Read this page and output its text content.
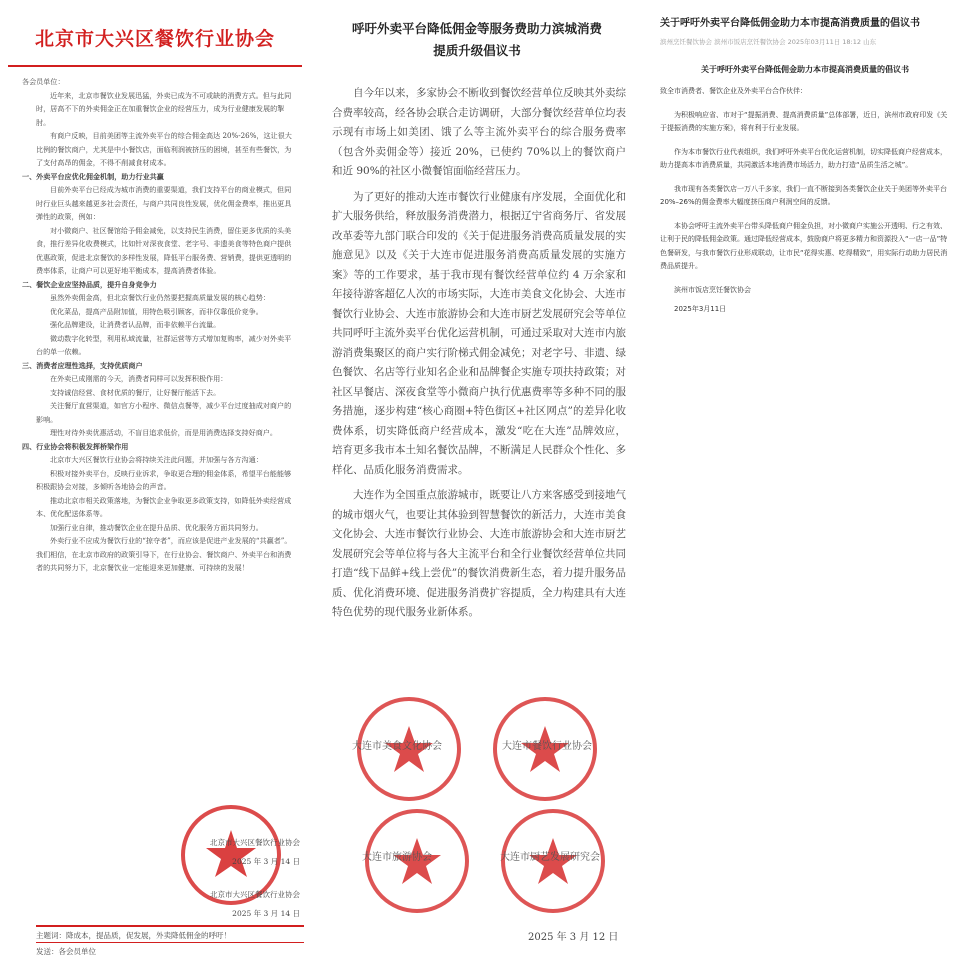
北京市大兴区餐饮行业协会

各会员单位：

近年来，北京市餐饮业发展迅猛，外卖已成为不可或缺的消费方式。但与此同时，居高不下的外卖佣金正在加重餐饮企业的经营压力，成为行业健康发展的掣肘。

有商户反映，目前美团等主流外卖平台的综合佣金高达 20%-26%，这让很大比例的餐饮商户，尤其是中小餐饮店，面临利润被挤压的困境，甚至有些餐饮，为了支付高昂的佣金，不得不削减食材成本。

一、外卖平台应优化佣金机制，助力行业共赢

目前外卖平台已经成为城市消费的重要渠道，我们支持平台的商业模式，但同时行业巨头越来越更多社会责任，与商户共同良性发展，优化佣金费率，推出更具弹性的政策，例如：

对小微商户、社区餐馆给予佣金减免，以支持民生消费，留住更多优质的头美食，推行差异化收费模式，比如针对深夜食堂、老字号、非遗美食等特色商户提供优惠政策，促进北京餐饮的多样性发展，降低平台服务费、营销费，提供更透明的费率体系，让商户可以更好地平衡成本，提高消费者体验。

二、餐饮企业应坚持品质，提升自身竞争力

虽然外卖佣金高，但北京餐饮行业仍然要把握高质量发展的核心趋势：

优化菜品，提高产品附加值，用特色吸引顾客，而非仅靠低价竞争。

强化品牌建设，让消费者认品牌，而非依赖平台流量。

微动数字化转型，利用私域流量，社群运营等方式增加复购率，减少对外卖平台的单一依赖。

三、消费者应理性选择，支持优质商户

在外卖已成刚需的今天，消费者同样可以发挥积极作用：

支持诚信经营、食材优质的餐厅，让好餐厅能活下去。

关注餐厅直营渠道，如官方小程序、微信点餐等，减少平台过度抽成对商户的影响。

理性对待外卖优惠活动，不盲目追求低价，而是用消费选择支持好商户。

四、行业协会将积极发挥桥梁作用

北京市大兴区餐饮行业协会将持续关注此问题，并加强与各方沟通：

积极对接外卖平台，反映行业诉求，争取更合理的佣金体系，希望平台能能够积极跟协会对接，多倾听各地协会的声音。

推动北京市相关政策落地，为餐饮企业争取更多政策支持，如降低外卖经营成本、优化配送体系等。

加强行业自律，推动餐饮企业在提升品质、优化服务方面共同努力。

外卖行业不应成为餐饮行业的“掠夺者”，而应该是促进产业发展的“共赢者”。我们相信，在北京市政府的政策引导下，在行业协会、餐饮商户、外卖平台和消费者的共同努力下，北京餐饮业一定能迎来更加健康、可持续的发展！

北京市大兴区餐饮行业协会
2025 年 3 月 14 日
北京市大兴区餐饮行业协会
2025 年 3 月 14 日
主题词：降成本，提品质，促发展，外卖降低佣金的呼吁！
发送：各会员单位
呼吁外卖平台降低佣金等服务费助力滨城消费
提质升级倡议书

自今年以来，多家协会不断收到餐饮经营单位反映其外卖综合费率较高，经各协会联合走访调研，大部分餐饮经营单位均表示现有市场上如美团、饿了么等主流外卖平台的综合服务费率（包含外卖佣金等）接近 20%，已使约 70%以上的餐饮商户和近 90%的社区小微餐馆面临经营压力。

为了更好的推动大连市餐饮行业健康有序发展，全面优化和扩大服务供给，释放服务消费潜力，根据辽宁省商务厅、省发展改革委等九部门联合印发的《关于促进服务消费高质量发展的实施意见》以及《关于大连市促进服务消费高质量发展的实施方案》等的工作要求，基于我市现有餐饮经营单位约 4 万余家和年接待游客超亿人次的市场实际，大连市美食文化协会、大连市餐饮行业协会、大连市旅游协会和大连市厨艺发展研究会等单位共同呼吁主流外卖平台优化运营机制，可通过采取对大连市内旅游消费集聚区的商户实行阶梯式佣金减免；对老字号、非遗、绿色餐饮、名店等行业知名企业和品牌餐企实施专项扶持政策；对社区早餐店、深夜食堂等小微商户执行优惠费率等多种不同的服务措施，逐步构建“核心商圈+特色街区+社区网点”的差异化收费体系，切实降低商户经营成本，激发“吃在大连”品牌效应，培育更多我市本土知名餐饮品牌，不断满足人民群众个性化、多样化、品质化服务消费需求。

大连作为全国重点旅游城市，既要让八方来客感受到接地气的城市烟火气，也要让其体验到智慧餐饮的新活力，大连市美食文化协会、大连市餐饮行业协会、大连市旅游协会和大连市厨艺发展研究会等单位将与各大主流平台和全行业餐饮经营单位共同打造“线下品鲜+线上尝优”的餐饮消费新生态，着力提升服务品质、优化消费环境、促进服务消费扩容提质，全力构建具有大连特色优势的现代服务业新体系。

大连市美食文化协会	大连市餐饮行业协会
大连市旅游协会	大连市厨艺发展研究会
2025 年 3 月 12 日
关于呼吁外卖平台降低佣金助力本市提高消费质量的倡议书
滨州烹饪餐饮协会 滨州市饭店烹饪餐饮协会 2025年03月11日 18:12 山东
关于呼吁外卖平台降低佣金助力本市提高消费质量的倡议书

致全市消费者、餐饮企业及外卖平台合作伙伴：

为积极响应省、市对于“提振消费、提高消费质量”总体部署，近日，滨州市政府印发《关于提振消费的实施方案》，将有利于行业发展。

作为本市餐饮行业代表组织，我们呼吁外卖平台优化运营机制，切实降低商户经营成本，助力提高本市消费质量，共同激活本地消费市场活力，助力打造“品质生活之城”。

我市现有各类餐饮店一万八千多家，我们一直不断接到各类餐饮企业关于美团等外卖平台20%–26%的佣金费率大幅度挤压商户利润空间的反馈。

本协会呼吁主流外卖平台带头降低商户佣金负担，对小微商户实施公开透明、行之有效、让利于民的降低佣金政策。通过降低经营成本，鼓励商户将更多精力和资源投入“一店一品”特色餐研发，与我市餐饮行业形成联动，让市民“花得实惠、吃得精致”，用实际行动助力居民消费品质提升。

滨州市饭店烹饪餐饮协会

2025年3月11日
